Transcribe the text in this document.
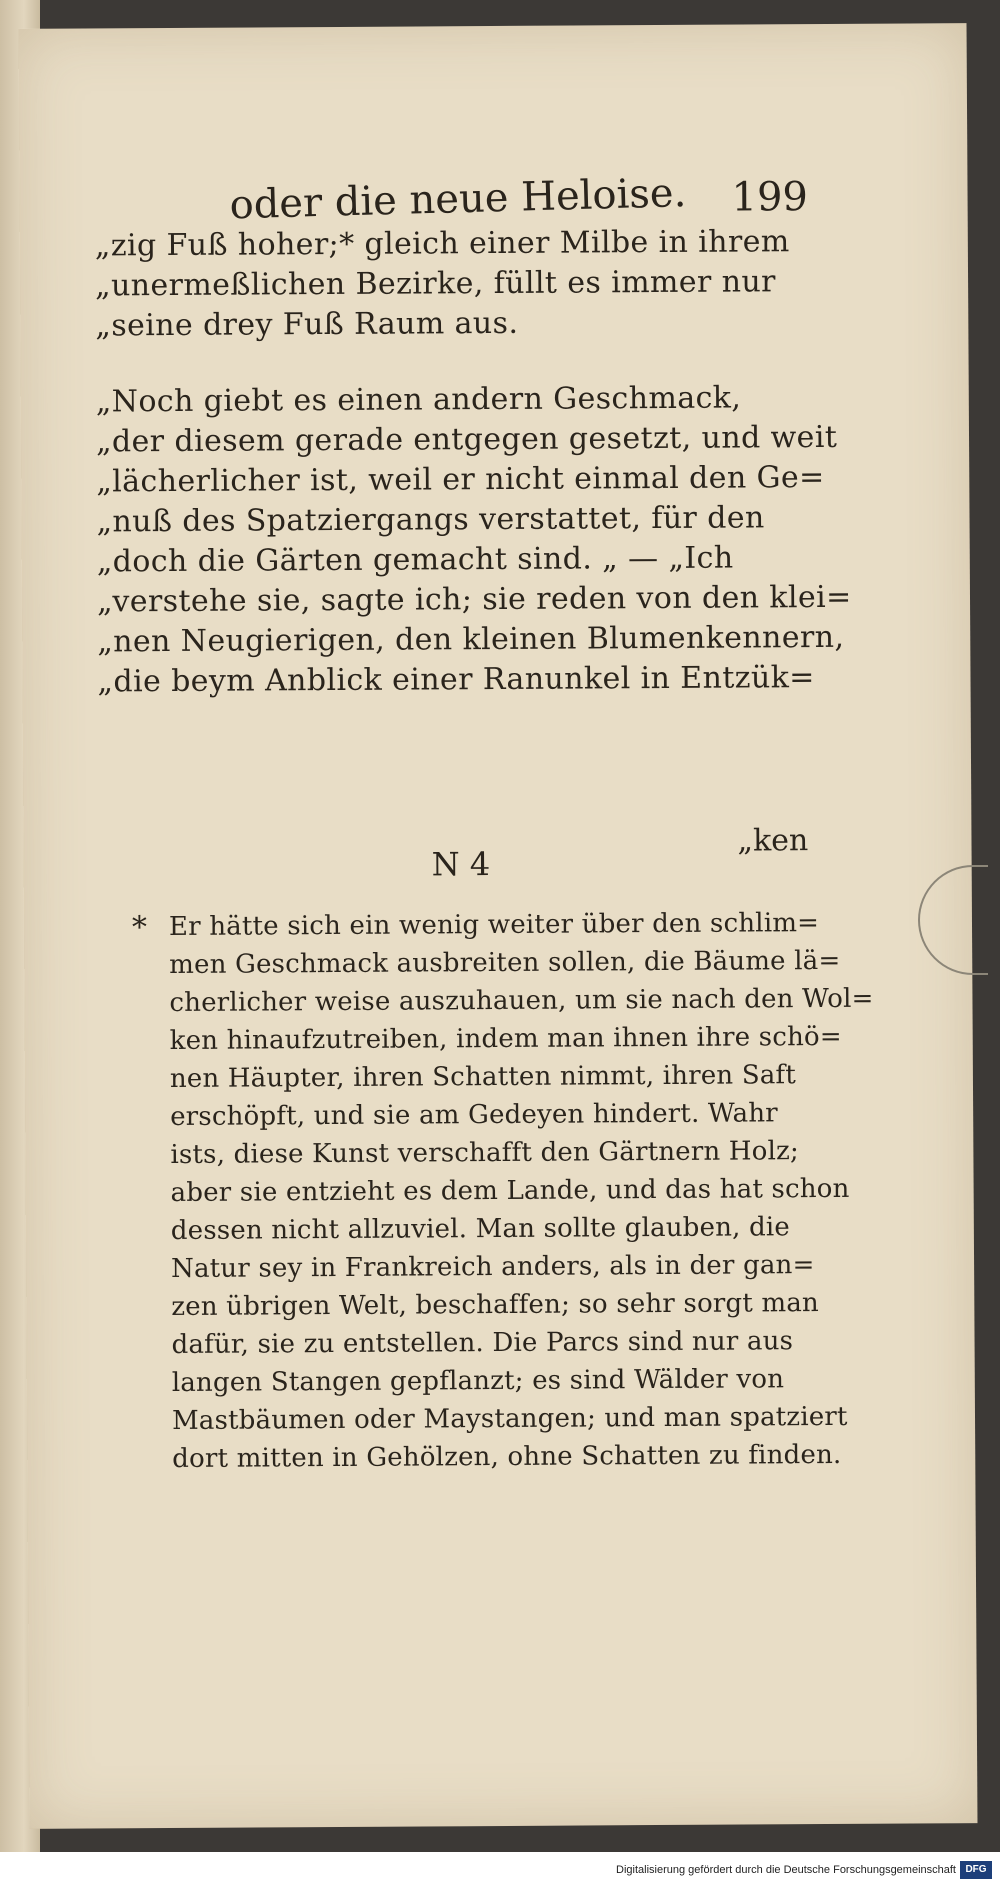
oder die neue Heloise. 199
„zig Fuß hoher;* gleich einer Milbe in ihrem
„unermeßlichen Bezirke, füllt es immer nur
„seine drey Fuß Raum aus.
„Noch giebt es einen andern Geschmack,
„der diesem gerade entgegen gesetzt, und weit
„lächerlicher ist, weil er nicht einmal den Ge=
„nuß des Spatziergangs verstattet, für den
„doch die Gärten gemacht sind. „ — „Ich
„verstehe sie, sagte ich; sie reden von den klei=
„nen Neugierigen, den kleinen Blumenkennern,
„die beym Anblick einer Ranunkel in Entzük=
N 4
„ken
* Er hätte sich ein wenig weiter über den schlim=
men Geschmack ausbreiten sollen, die Bäume lä=
cherlicher weise auszuhauen, um sie nach den Wol=
ken hinaufzutreiben, indem man ihnen ihre schö=
nen Häupter, ihren Schatten nimmt, ihren Saft
erschöpft, und sie am Gedeyen hindert. Wahr
ists, diese Kunst verschafft den Gärtnern Holz;
aber sie entzieht es dem Lande, und das hat schon
dessen nicht allzuviel. Man sollte glauben, die
Natur sey in Frankreich anders, als in der gan=
zen übrigen Welt, beschaffen; so sehr sorgt man
dafür, sie zu entstellen. Die Parcs sind nur aus
langen Stangen gepflanzt; es sind Wälder von
Mastbäumen oder Maystangen; und man spatziert
dort mitten in Gehölzen, ohne Schatten zu finden.
Digitalisierung gefördert durch die Deutsche Forschungsgemeinschaft DFG
